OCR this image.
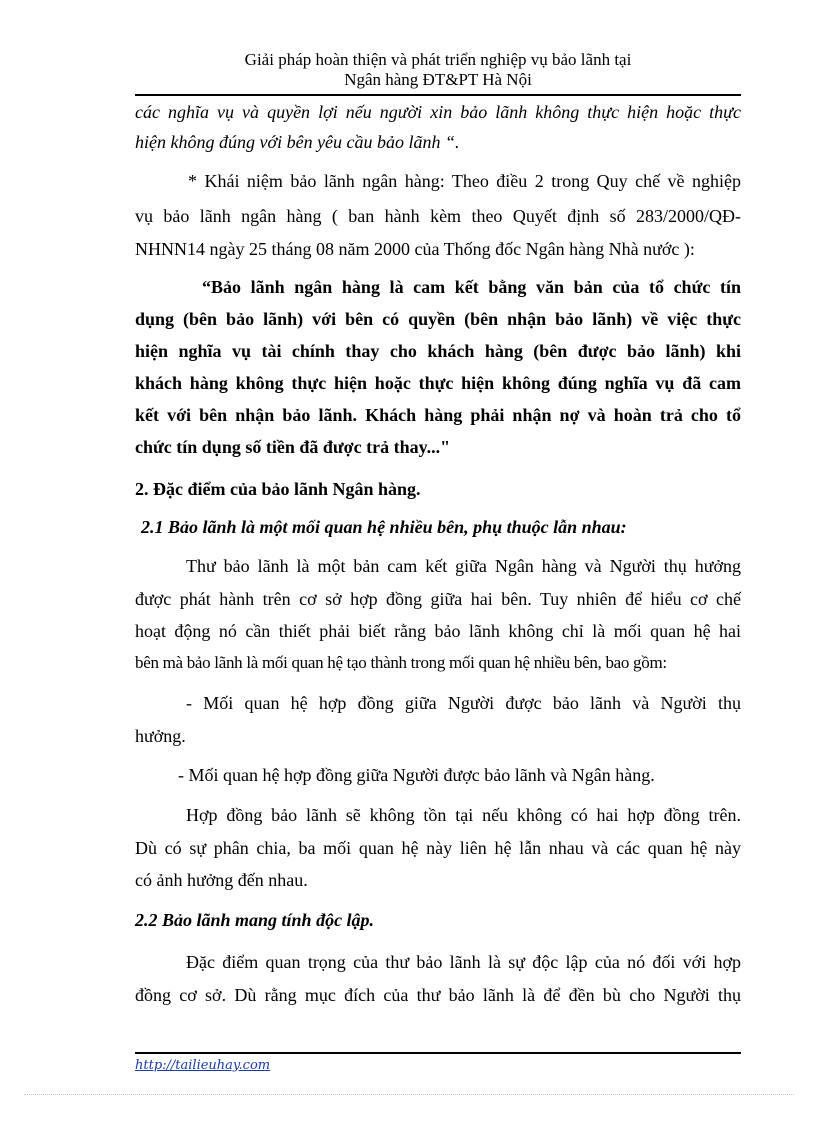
Giải pháp hoàn thiện và phát triển nghiệp vụ bảo lãnh tại
Ngân hàng ĐT&PT Hà Nội

các nghĩa vụ và quyền lợi nếu người xin bảo lãnh không thực hiện hoặc thực

hiện không đúng với bên yêu cầu bảo lãnh “.

* Khái niệm bảo lãnh ngân hàng: Theo điều 2 trong Quy chế về nghiệp

vụ bảo lãnh ngân hàng ( ban hành kèm theo Quyết định số 283/2000/QĐ-

NHNN14 ngày 25 tháng 08 năm 2000 của Thống đốc Ngân hàng Nhà nước ):

“Bảo lãnh ngân hàng là cam kết bằng văn bản của tổ chức tín

dụng (bên bảo lãnh) với bên có quyền (bên nhận bảo lãnh) về việc thực

hiện nghĩa vụ tài chính thay cho khách hàng (bên được bảo lãnh) khi

khách hàng không thực hiện hoặc thực hiện không đúng nghĩa vụ đã cam

kết với bên nhận bảo lãnh. Khách hàng phải nhận nợ và hoàn trả cho tổ

chức tín dụng số tiền đã được trả thay..."

2. Đặc điểm của bảo lãnh Ngân hàng.

2.1 Bảo lãnh là một mối quan hệ nhiều bên, phụ thuộc lẫn nhau:

Thư bảo lãnh là một bản cam kết giữa Ngân hàng và Người thụ hưởng

được phát hành trên cơ sở hợp đồng giữa hai bên. Tuy nhiên để hiểu cơ chế

hoạt động nó cần thiết phải biết rằng bảo lãnh không chỉ là mối quan hệ hai

bên mà bảo lãnh là mối quan hệ tạo thành trong mối quan hệ nhiều bên, bao gồm:

- Mối quan hệ hợp đồng giữa Người được bảo lãnh và Người thụ

hưởng.

- Mối quan hệ hợp đồng giữa Người được bảo lãnh và Ngân hàng.

Hợp đồng bảo lãnh sẽ không tồn tại nếu không có hai hợp đồng trên.

Dù có sự phân chia, ba mối quan hệ này liên hệ lẫn nhau và các quan hệ này

có ảnh hưởng đến nhau.

2.2 Bảo lãnh mang tính độc lập.

Đặc điểm quan trọng của thư bảo lãnh là sự độc lập của nó đối với hợp

đồng cơ sở. Dù rằng mục đích của thư bảo lãnh là để đền bù cho Người thụ

http://tailieuhay.com
